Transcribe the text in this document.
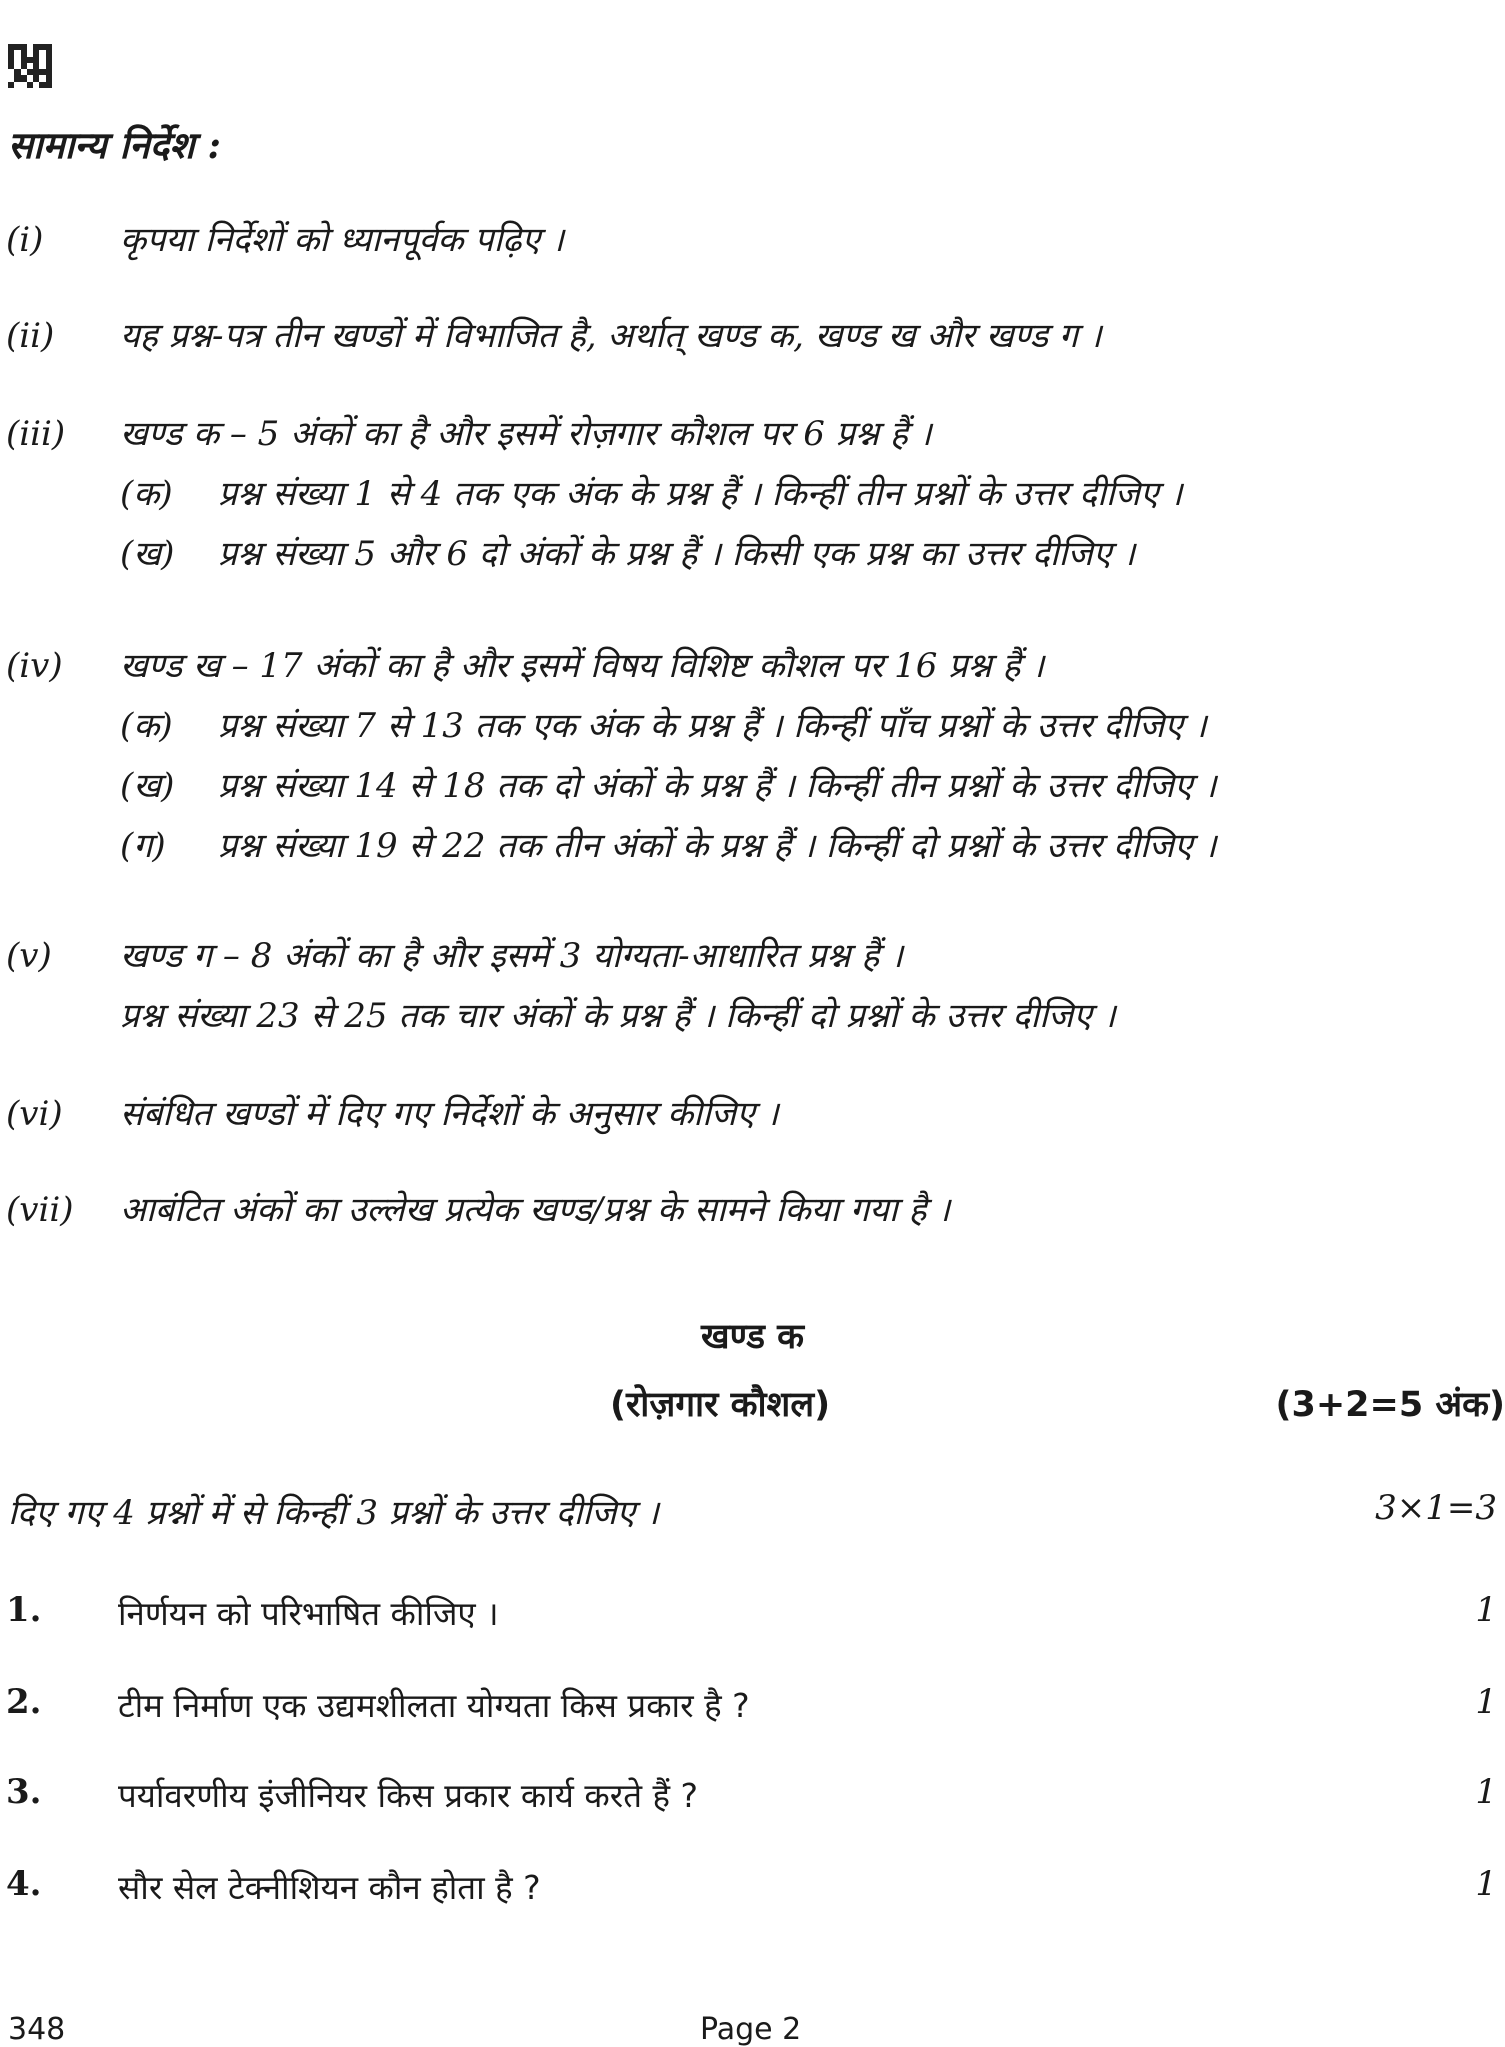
सामान्य निर्देश :
(i)	कृपया निर्देशों को ध्यानपूर्वक पढ़िए ।
(ii)	यह प्रश्न-पत्र तीन खण्डों में विभाजित है, अर्थात् खण्ड क, खण्ड ख और खण्ड ग ।
(iii)	खण्ड क – 5 अंकों का है और इसमें रोज़गार कौशल पर 6 प्रश्न हैं ।
(क) प्रश्न संख्या 1 से 4 तक एक अंक के प्रश्न हैं । किन्हीं तीन प्रश्नों के उत्तर दीजिए ।
(ख) प्रश्न संख्या 5 और 6 दो अंकों के प्रश्न हैं । किसी एक प्रश्न का उत्तर दीजिए ।
(iv)	खण्ड ख – 17 अंकों का है और इसमें विषय विशिष्ट कौशल पर 16 प्रश्न हैं ।
(क) प्रश्न संख्या 7 से 13 तक एक अंक के प्रश्न हैं । किन्हीं पाँच प्रश्नों के उत्तर दीजिए ।
(ख) प्रश्न संख्या 14 से 18 तक दो अंकों के प्रश्न हैं । किन्हीं तीन प्रश्नों के उत्तर दीजिए ।
(ग) प्रश्न संख्या 19 से 22 तक तीन अंकों के प्रश्न हैं । किन्हीं दो प्रश्नों के उत्तर दीजिए ।
(v)	खण्ड ग – 8 अंकों का है और इसमें 3 योग्यता-आधारित प्रश्न हैं ।
प्रश्न संख्या 23 से 25 तक चार अंकों के प्रश्न हैं । किन्हीं दो प्रश्नों के उत्तर दीजिए ।
(vi)	संबंधित खण्डों में दिए गए निर्देशों के अनुसार कीजिए ।
(vii)	आबंटित अंकों का उल्लेख प्रत्येक खण्ड/प्रश्न के सामने किया गया है ।
खण्ड क
(रोज़गार कौशल)	(3+2=5 अंक)
दिए गए 4 प्रश्नों में से किन्हीं 3 प्रश्नों के उत्तर दीजिए ।	3×1=3
1. निर्णयन को परिभाषित कीजिए ।	1
2. टीम निर्माण एक उद्यमशीलता योग्यता किस प्रकार है ?	1
3. पर्यावरणीय इंजीनियर किस प्रकार कार्य करते हैं ?	1
4. सौर सेल टेक्नीशियन कौन होता है ?	1
348	Page 2
